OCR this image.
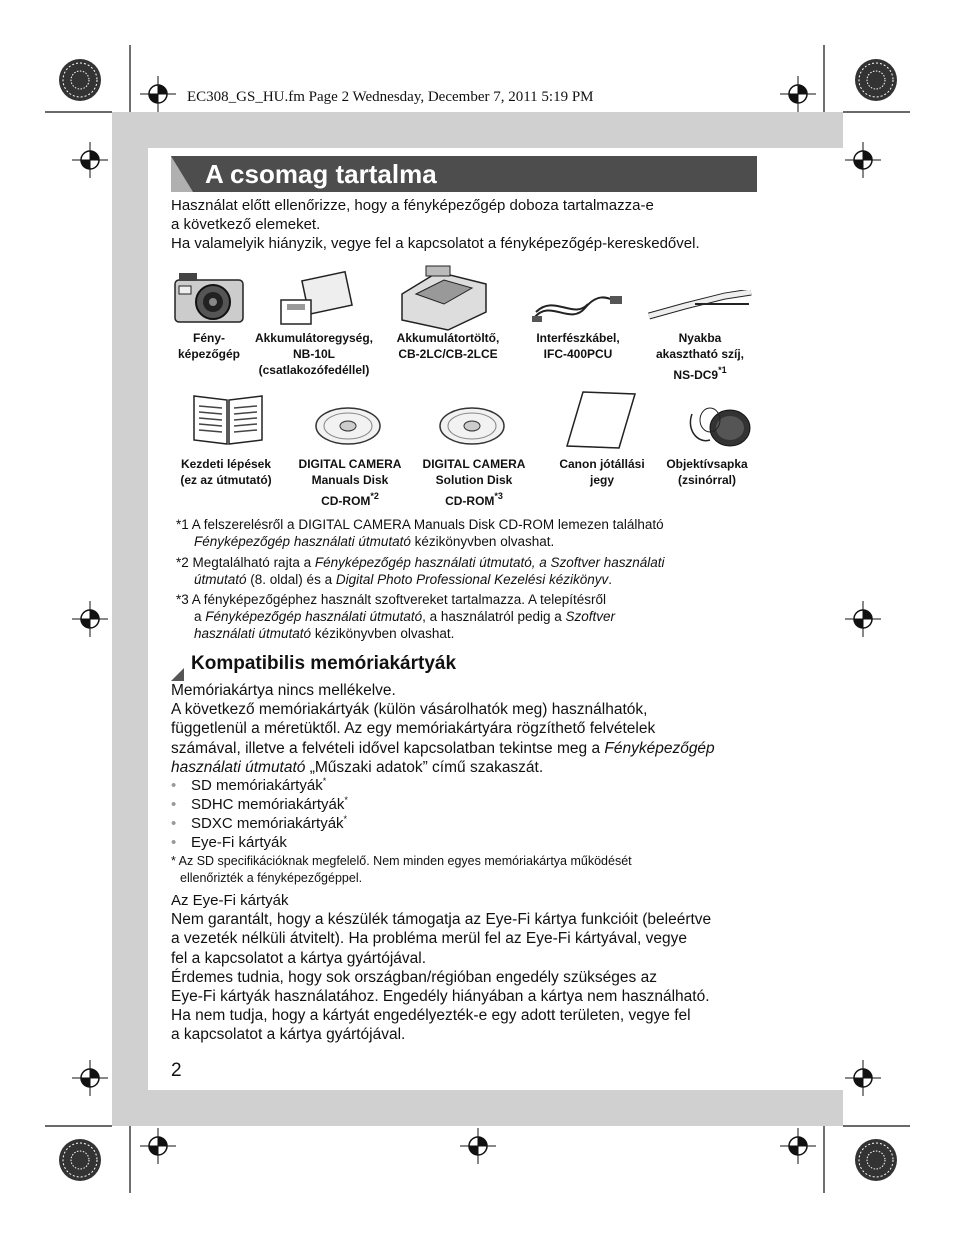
EC308_GS_HU.fm Page 2 Wednesday, December 7, 2011 5:19 PM
A csomag tartalma
Használat előtt ellenőrizze, hogy a fényképezőgép doboza tartalmazza-e
a következő elemeket.
Ha valamelyik hiányzik, vegye fel a kapcsolatot a fényképezőgép-kereskedővel.
Fény-
képezőgép
Akkumulátoregység,
NB-10L
(csatlakozófedéllel)
Akkumulátortöltő,
CB-2LC/CB-2LCE
Interfészkábel,
IFC-400PCU
Nyakba
akasztható szíj,
NS-DC9$^{*1}$
Kezdeti lépések
(ez az útmutató)
DIGITAL CAMERA
Manuals Disk
CD-ROM$^{*2}$
DIGITAL CAMERA
Solution Disk
CD-ROM$^{*3}$
Canon jótállási
jegy
Objektívsapka
(zsinórral)
*1 A felszerelésről a DIGITAL CAMERA Manuals Disk CD-ROM lemezen található
Fényképezőgép használati útmutató kézikönyvben olvashat.
*2 Megtalálható rajta a Fényképezőgép használati útmutató, a Szoftver használati
útmutató (8. oldal) és a Digital Photo Professional Kezelési kézikönyv.
*3 A fényképezőgéphez használt szoftvereket tartalmazza. A telepítésről
a Fényképezőgép használati útmutató, a használatról pedig a Szoftver
használati útmutató kézikönyvben olvashat.
Kompatibilis memóriakártyák
Memóriakártya nincs mellékelve.
A következő memóriakártyák (külön vásárolhatók meg) használhatók,
függetlenül a méretüktől. Az egy memóriakártyára rögzíthető felvételek
számával, illetve a felvételi idővel kapcsolatban tekintse meg a Fényképezőgép
használati útmutató „Műszaki adatok” című szakaszát.
• SD memóriakártyák*
• SDHC memóriakártyák*
• SDXC memóriakártyák*
• Eye-Fi kártyák
* Az SD specifikációknak megfelelő. Nem minden egyes memóriakártya működését
ellenőrizték a fényképezőgéppel.
Az Eye-Fi kártyák
Nem garantált, hogy a készülék támogatja az Eye-Fi kártya funkcióit (beleértve
a vezeték nélküli átvitelt). Ha probléma merül fel az Eye-Fi kártyával, vegye
fel a kapcsolatot a kártya gyártójával.
Érdemes tudnia, hogy sok országban/régióban engedély szükséges az
Eye-Fi kártyák használatához. Engedély hiányában a kártya nem használható.
Ha nem tudja, hogy a kártyát engedélyezték-e egy adott területen, vegye fel
a kapcsolatot a kártya gyártójával.
2
